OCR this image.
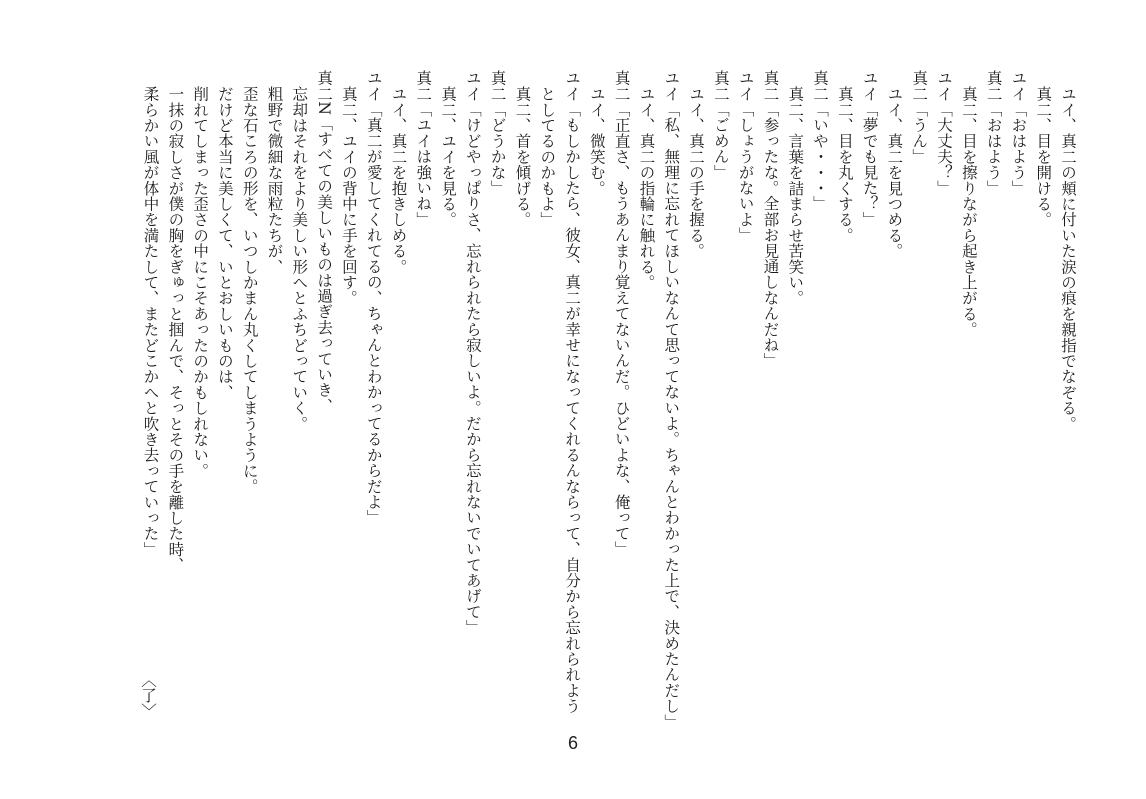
ユイ、真二の頬に付いた涙の痕を親指でなぞる。
真二、目を開ける。
ユイ「おはよう」
真二「おはよう」
真二、目を擦りながら起き上がる。
ユイ「大丈夫？」
真二「うん」
ユイ、真二を見つめる。
ユイ「夢でも見た？」
真二、目を丸くする。
真二「いや・・・」
真二、言葉を詰まらせ苦笑い。
真二「参ったな。全部お見通しなんだね」
ユイ「しょうがないよ」
真二「ごめん」
ユイ、真二の手を握る。
ユイ「私、無理に忘れてほしいなんて思ってないよ。ちゃんとわかった上で、決めたんだし」
ユイ、真二の指輪に触れる。
真二「正直さ、もうあんまり覚えてないんだ。ひどいよな、俺って」
ユイ、微笑む。
ユイ「もしかしたら、彼女、真二が幸せになってくれるんならって、自分から忘れられよう
としてるのかもよ」
真二、首を傾げる。
真二「どうかな」
ユイ「けどやっぱりさ、忘れられたら寂しいよ。だから忘れないでいてあげて」
真二、ユイを見る。
真二「ユイは強いね」
ユイ、真二を抱きしめる。
ユイ「真二が愛してくれてるの、ちゃんとわかってるからだよ」
真二、ユイの背中に手を回す。
真二N「すべての美しいものは過ぎ去っていき、
忘却はそれをより美しい形へとふちどっていく。
粗野で微細な雨粒たちが、
歪な石ころの形を、いつしかまん丸くしてしまうように。
だけど本当に美しくて、いとおしいものは、
削れてしまった歪さの中にこそあったのかもしれない。
一抹の寂しさが僕の胸をぎゅっと掴んで、そっとその手を離した時、
柔らかい風が体中を満たして、またどこかへと吹き去っていった」
〈了〉
6
